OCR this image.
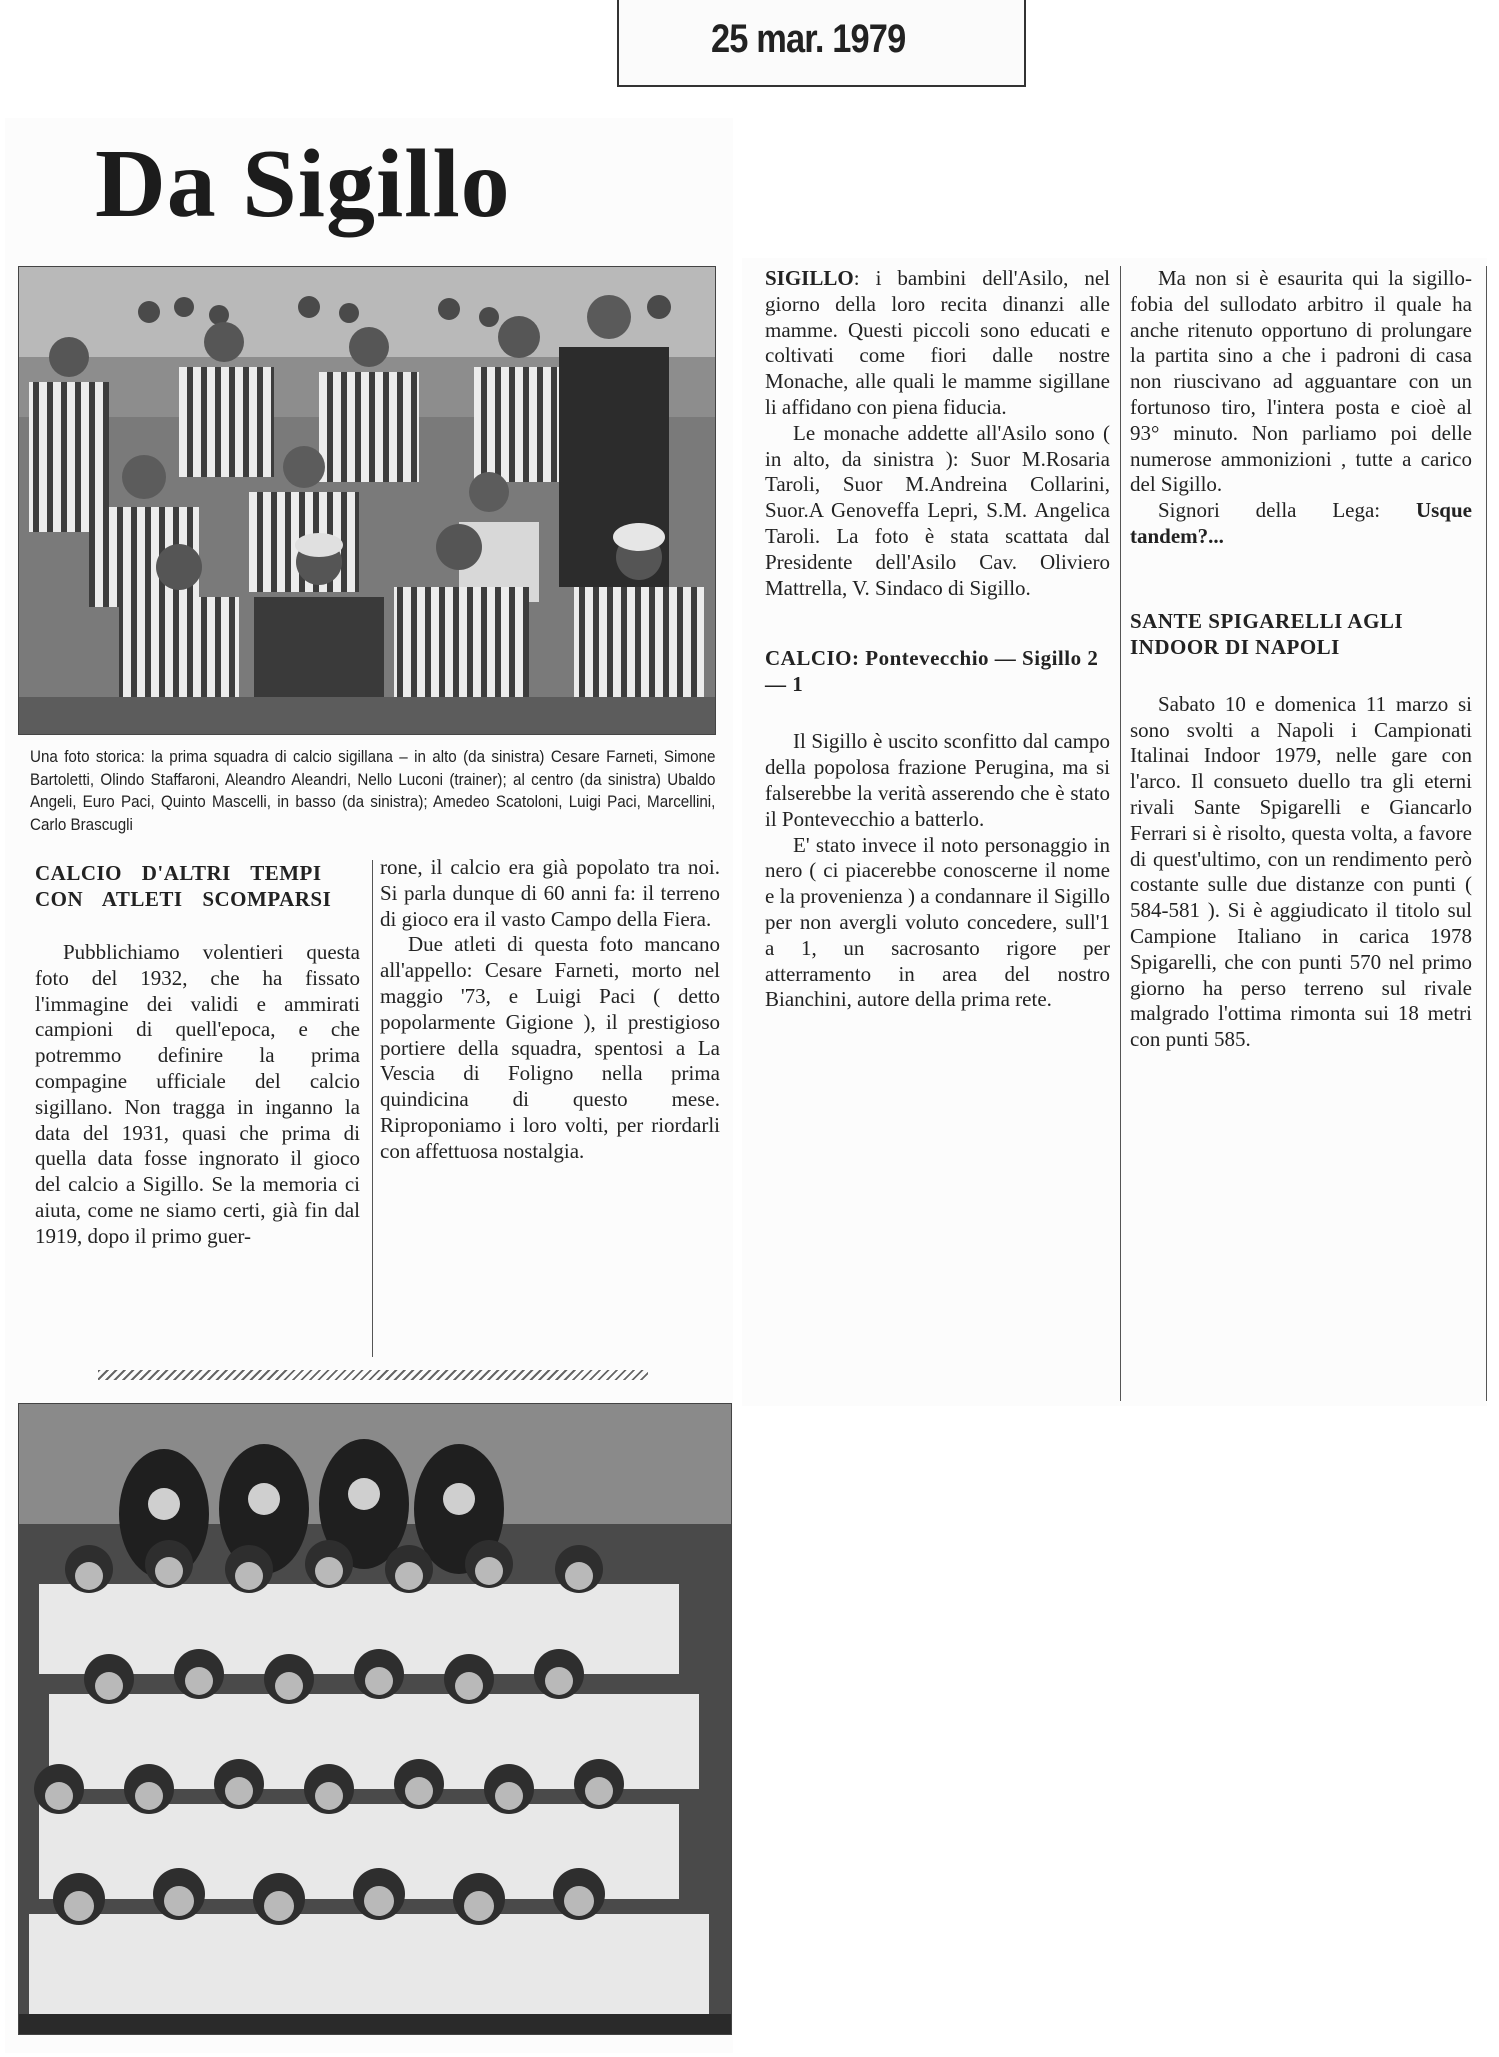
25 mar. 1979
Da Sigillo

Una foto storica: la prima squadra di calcio sigillana – in alto (da sinistra) Cesare Farneti, Simone Bartoletti, Olindo Staffaroni, Aleandro Aleandri, Nello Luconi (trainer); al centro (da sinistra) Ubaldo Angeli, Euro Paci, Quinto Mascelli, in basso (da sinistra); Amedeo Scatoloni, Luigi Paci, Marcellini, Carlo Brascugli

CALCIO D'ALTRI TEMPI CON ATLETI SCOMPARSI

Pubblichiamo volentieri questa foto del 1932, che ha fissato l'immagine dei validi e ammirati campioni di quell'epoca, e che potremmo definire la prima compagine ufficiale del calcio sigillano. Non tragga in inganno la data del 1931, quasi che prima di quella data fosse ingnorato il gioco del calcio a Sigillo. Se la memoria ci aiuta, come ne siamo certi, già fin dal 1919, dopo il primo guer-

rone, il calcio era già popolato tra noi. Si parla dunque di 60 anni fa: il terreno di gioco era il vasto Campo della Fiera.

Due atleti di questa foto mancano all'appello: Cesare Farneti, morto nel maggio '73, e Luigi Paci ( detto popolarmente Gigione ), il prestigioso portiere della squadra, spentosi a La Vescia di Foligno nella prima quindicina di questo mese. Riproponiamo i loro volti, per riordarli con affettuosa nostalgia.

SIGILLO: i bambini dell'Asilo, nel giorno della loro recita dinanzi alle mamme. Questi piccoli sono educati e coltivati come fiori dalle nostre Monache, alle quali le mamme sigillane li affidano con piena fiducia.

Le monache addette all'Asilo sono ( in alto, da sinistra ): Suor M.Rosaria Taroli, Suor M.Andreina Collarini, Suor.A Genoveffa Lepri, S.M. Angelica Taroli. La foto è stata scattata dal Presidente dell'Asilo Cav. Oliviero Mattrella, V. Sindaco di Sigillo.

CALCIO: Pontevecchio — Sigillo 2 — 1

Il Sigillo è uscito sconfitto dal campo della popolosa frazione Perugina, ma si falserebbe la verità asserendo che è stato il Pontevecchio a batterlo.

E' stato invece il noto personaggio in nero ( ci piacerebbe conoscerne il nome e la provenienza ) a condannare il Sigillo per non avergli voluto concedere, sull'1 a 1, un sacrosanto rigore per atterramento in area del nostro Bianchini, autore della prima rete.

Ma non si è esaurita qui la sigillo-fobia del sullodato arbitro il quale ha anche ritenuto opportuno di prolungare la partita sino a che i padroni di casa non riuscivano ad agguantare con un fortunoso tiro, l'intera posta e cioè al 93° minuto. Non parliamo poi delle numerose ammonizioni , tutte a carico del Sigillo.

Signori della Lega: Usque tandem?...

SANTE SPIGARELLI AGLI INDOOR DI NAPOLI

Sabato 10 e domenica 11 marzo si sono svolti a Napoli i Campionati Italinai Indoor 1979, nelle gare con l'arco. Il consueto duello tra gli eterni rivali Sante Spigarelli e Giancarlo Ferrari si è risolto, questa volta, a favore di quest'ultimo, con un rendimento però costante sulle due distanze con punti ( 584-581 ). Si è aggiudicato il titolo sul Campione Italiano in carica 1978 Spigarelli, che con punti 570 nel primo giorno ha perso terreno sul rivale malgrado l'ottima rimonta sui 18 metri con punti 585.
